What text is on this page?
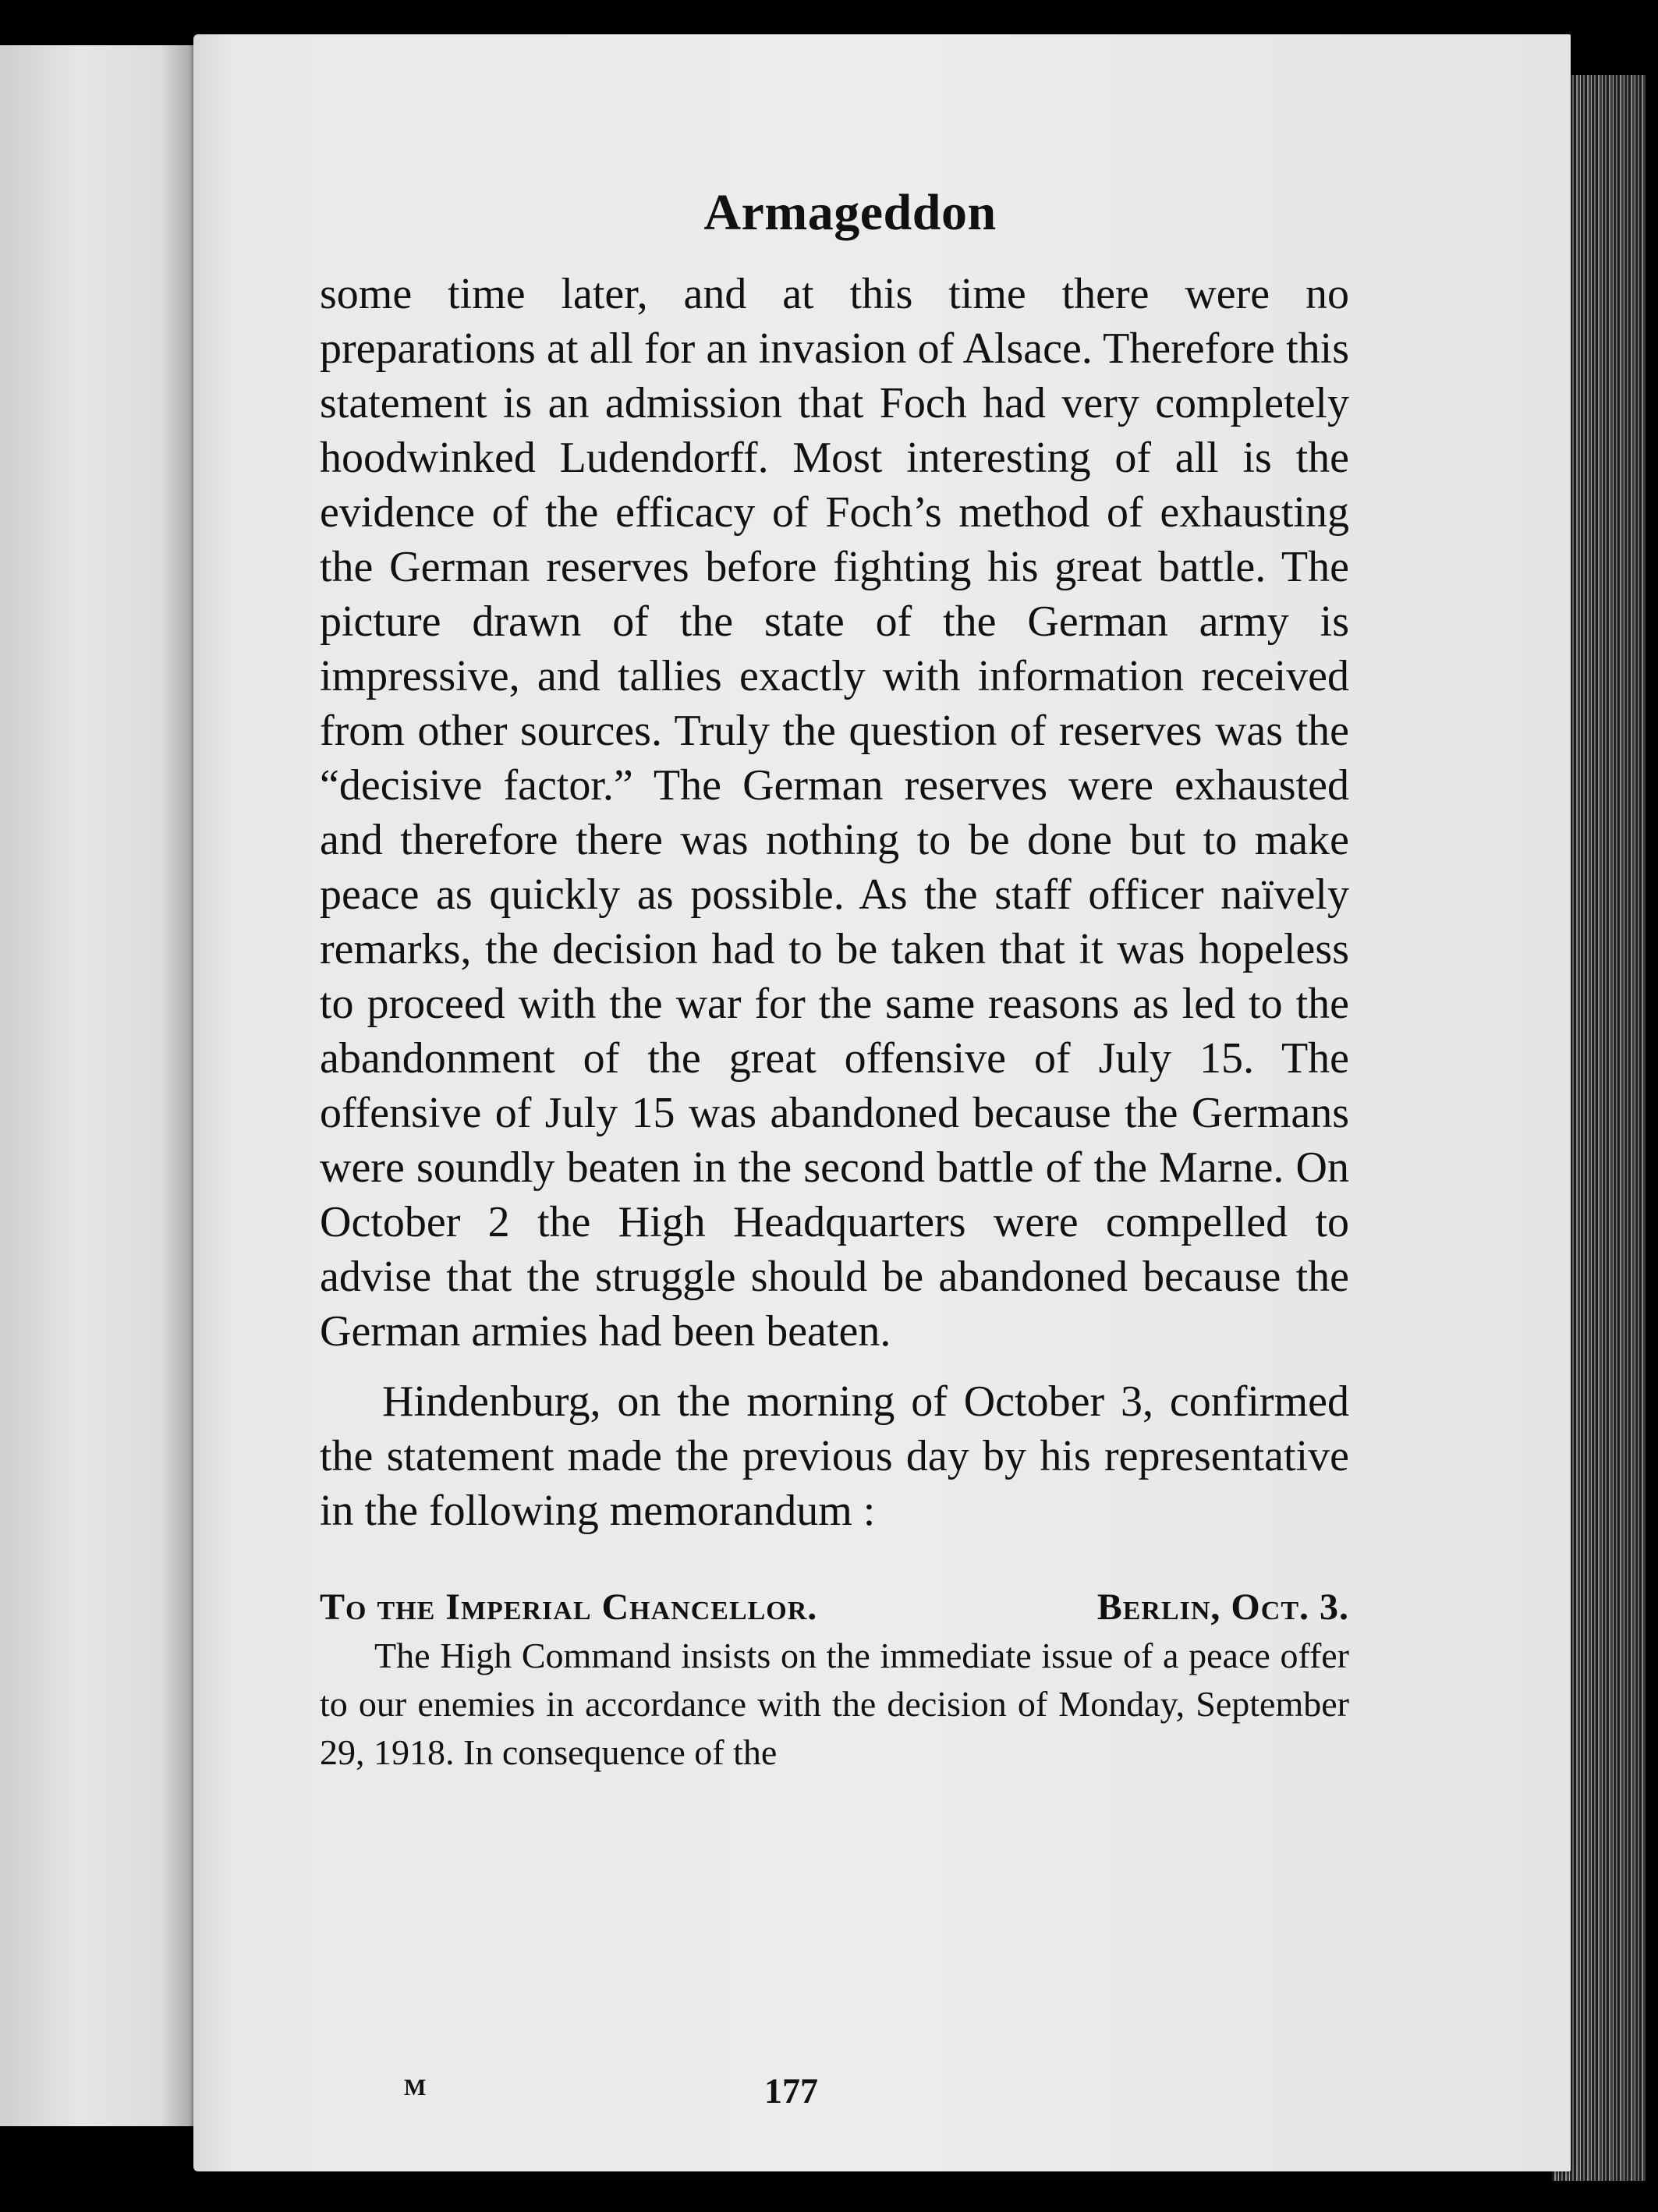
Armageddon

some time later, and at this time there were no preparations at all for an invasion of Alsace. Therefore this statement is an admission that Foch had very completely hoodwinked Ludendorff. Most interesting of all is the evidence of the efficacy of Foch’s method of exhausting the German reserves before fighting his great battle. The picture drawn of the state of the German army is impressive, and tallies exactly with information received from other sources. Truly the question of reserves was the “decisive factor.” The German reserves were exhausted and therefore there was nothing to be done but to make peace as quickly as possible. As the staff officer naïvely remarks, the decision had to be taken that it was hopeless to proceed with the war for the same reasons as led to the abandonment of the great offensive of July 15. The offensive of July 15 was abandoned because the Germans were soundly beaten in the second battle of the Marne. On October 2 the High Headquarters were compelled to advise that the struggle should be abandoned because the German armies had been beaten.

Hindenburg, on the morning of October 3, confirmed the statement made the previous day by his representative in the following memorandum :

To the Imperial Chancellor.	Berlin, Oct. 3.

The High Command insists on the immediate issue of a peace offer to our enemies in accordance with the decision of Monday, September 29, 1918. In consequence of the

M	177
